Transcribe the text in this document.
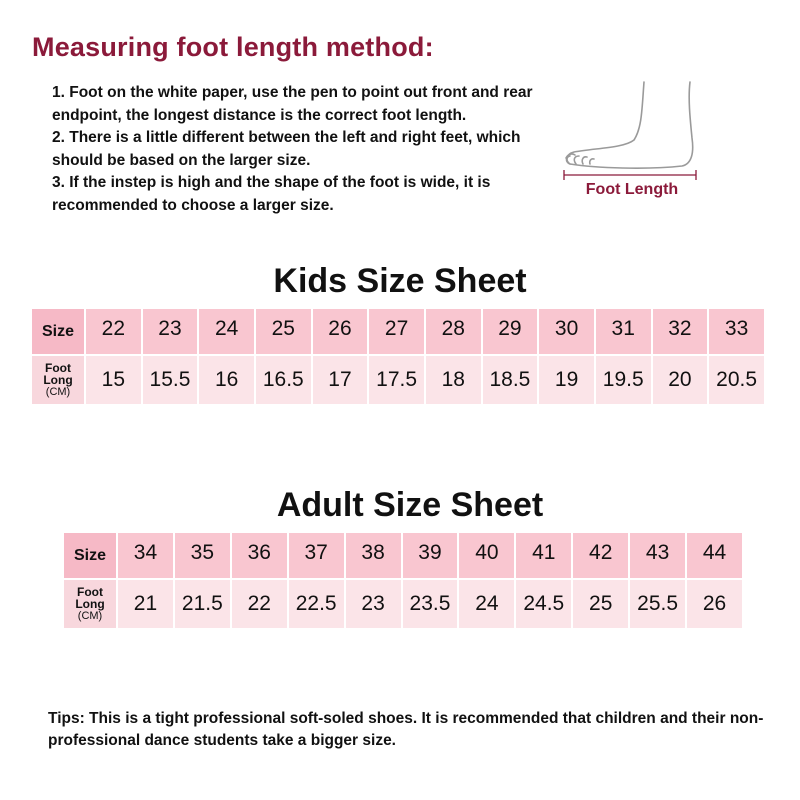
Measuring foot length method:
1. Foot on the white paper, use the pen to point out front and rear endpoint, the longest distance is the correct foot length.
2. There is a little different between the left and right feet, which should be based on the larger size.
3. If the instep is high and the shape of the foot is wide, it is recommended to choose a larger size.
Foot Length
Kids Size Sheet
Size	22	23	24	25	26	27	28	29	30	31	32	33

Foot
Long
(CM)	15	15.5	16	16.5	17	17.5	18	18.5	19	19.5	20	20.5
Adult Size Sheet
Size	34	35	36	37	38	39	40	41	42	43	44

Foot
Long
(CM)	21	21.5	22	22.5	23	23.5	24	24.5	25	25.5	26
Tips: This is a tight professional soft-soled shoes. It is recommended that children and their non-professional dance students take a bigger size.
